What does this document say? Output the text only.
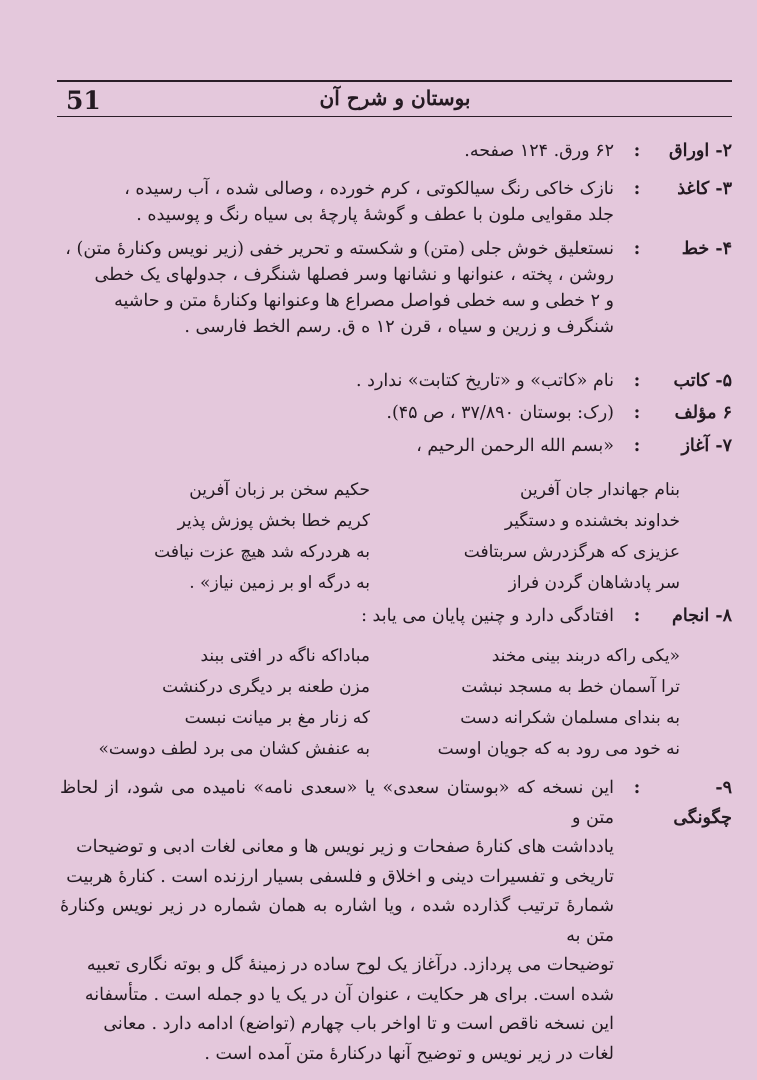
51	بوستان و شرح آن
۲- اوراق
:
۶۲ ورق. ۱۲۴ صفحه.
۳- کاغذ
:
نازک خاکی رنگ سیالکوتی ، کرم خورده ، وصالی شده ، آب رسیده ،
جلد مقوایی ملون با عطف و گوشهٔ پارچهٔ بی سیاه رنگ و پوسیده .
۴- خط
:
نستعلیق خوش جلی (متن) و شکسته و تحریر خفی (زیر نویس وکنارهٔ متن) ،
روشن ، پخته ، عنوانها و نشانها وسر فصلها شنگرف ، جدولهای یک خطی
و ۲ خطی و سه خطی فواصل مصراع ها وعنوانها وکنارهٔ متن و حاشیه
شنگرف و زرین و سیاه ، قرن ۱۲ ه ق. رسم الخط فارسی .
۵- کاتب
:
نام «کاتب» و «تاریخ کتابت» ندارد .
۶ مؤلف
:
(رک: بوستان ۳۷/۸۹۰ ، ص ۴۵).
۷- آغاز
:
«بسم الله الرحمن الرحیم ،
بنام جهاندار جان آفرین
حکیم سخن بر زبان آفرین
خداوند بخشنده و دستگیر
کریم خطا بخش پوزش پذیر
عزیزی که هرگزدرش سربتافت
به هردرکه شد هیچ عزت نیافت
سر پادشاهان گردن فراز
به درگه او بر زمین نیاز» .
۸- انجام
:
افتادگی دارد و چنین پایان می یابد :
«یکی راکه دربند بینی مخند
مباداکه ناگه در افتی ببند
ترا آسمان خط به مسجد نبشت
مزن طعنه بر دیگری درکنشت
به بندای مسلمان شکرانه دست
که زنار مغ بر میانت نبست
نه خود می رود به که جویان اوست
به عنفش کشان می برد لطف دوست»
۹- چگونگی
:
این نسخه که «بوستان سعدی» یا «سعدی نامه» نامیده می شود، از لحاظ متن و
یادداشت های کنارهٔ صفحات و زیر نویس ها و معانی لغات ادبی و توضیحات
تاریخی و تفسیرات دینی و اخلاق و فلسفی بسیار ارزنده است . کنارهٔ هربیت
شمارهٔ ترتیب گذارده شده ، ویا اشاره به همان شماره در زیر نویس وکنارهٔ متن به
توضیحات می پردازد. درآغاز یک لوح ساده در زمینهٔ گل و بوته نگاری تعبیه
شده است. برای هر حکایت ، عنوان آن در یک یا دو جمله است . متأسفانه
این نسخه ناقص است و تا اواخر باب چهارم (تواضع) ادامه دارد . معانی
لغات در زیر نویس و توضیح آنها درکنارهٔ متن آمده است .
